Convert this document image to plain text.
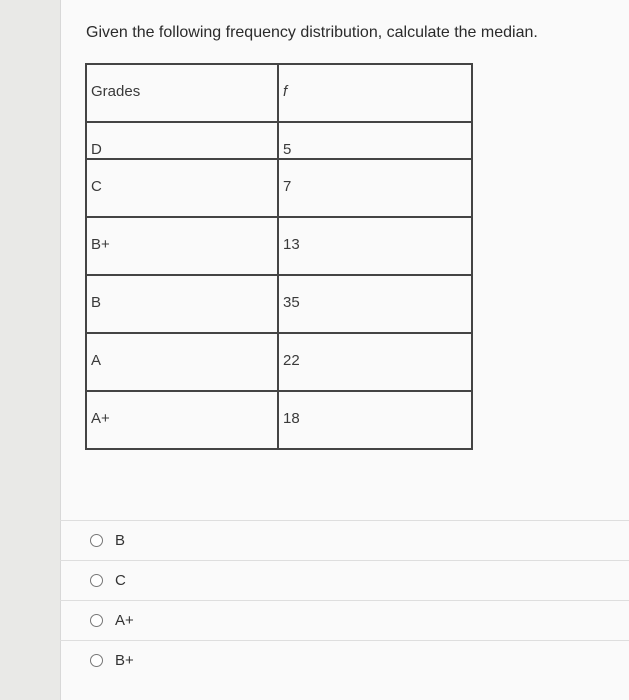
Given the following frequency distribution, calculate the median.
Grades	f

D	5

C	7

B+	13

B	35

A	22

A+	18
B
C
A+
B+
